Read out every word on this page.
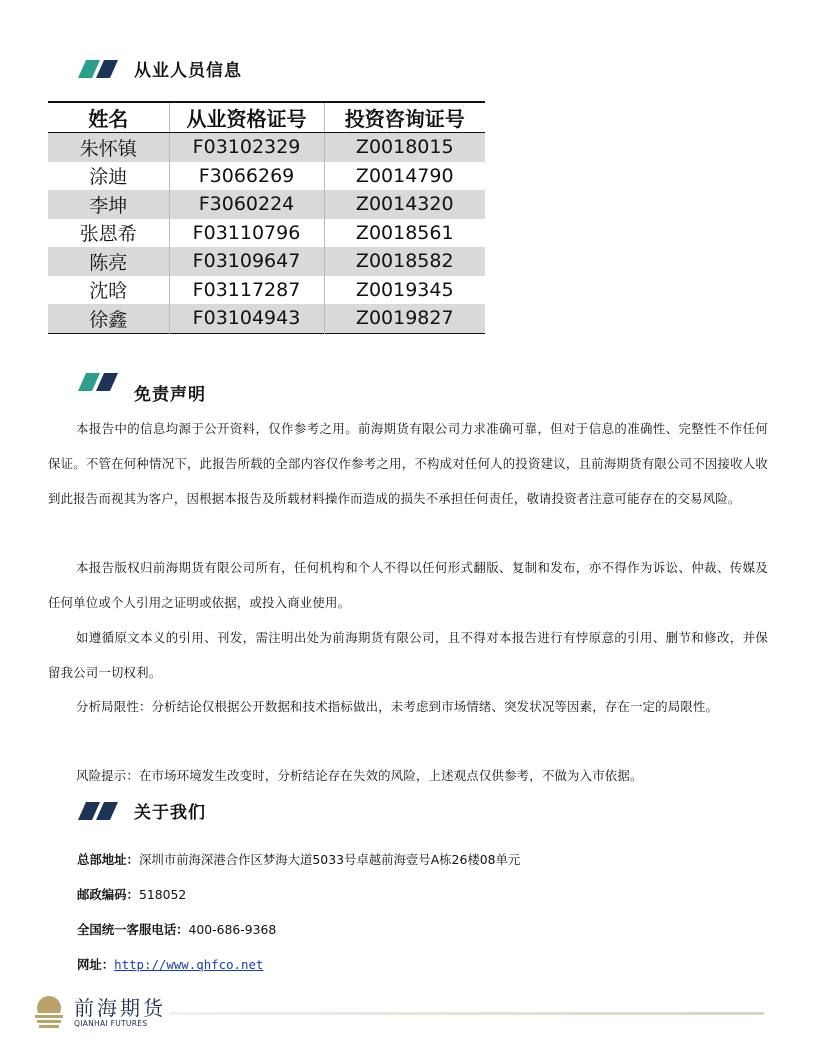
从业人员信息
姓名	从业资格证号	投资咨询证号
朱怀镇	F03102329	Z0018015
涂迪	F3066269	Z0014790
李坤	F3060224	Z0014320
张恩希	F03110796	Z0018561
陈亮	F03109647	Z0018582
沈晗	F03117287	Z0019345
徐鑫	F03104943	Z0019827
免责声明

本报告中的信息均源于公开资料，仅作参考之用。前海期货有限公司力求准确可靠，但对于信息的准确性、完整性不作任何保证。不管在何种情况下，此报告所载的全部内容仅作参考之用，不构成对任何人的投资建议，且前海期货有限公司不因接收人收到此报告而视其为客户，因根据本报告及所载材料操作而造成的损失不承担任何责任，敬请投资者注意可能存在的交易风险。

本报告版权归前海期货有限公司所有，任何机构和个人不得以任何形式翻版、复制和发布，亦不得作为诉讼、仲裁、传媒及任何单位或个人引用之证明或依据，或投入商业使用。

如遵循原文本义的引用、刊发，需注明出处为前海期货有限公司，且不得对本报告进行有悖原意的引用、删节和修改，并保留我公司一切权利。

分析局限性：分析结论仅根据公开数据和技术指标做出，未考虑到市场情绪、突发状况等因素，存在一定的局限性。

风险提示：在市场环境发生改变时，分析结论存在失效的风险，上述观点仅供参考，不做为入市依据。

关于我们
总部地址：深圳市前海深港合作区梦海大道5033号卓越前海壹号A栋26楼08单元
邮政编码：518052
全国统一客服电话：400-686-9368
网址：http://www.qhfco.net
前海期货
QIANHAI FUTURES
